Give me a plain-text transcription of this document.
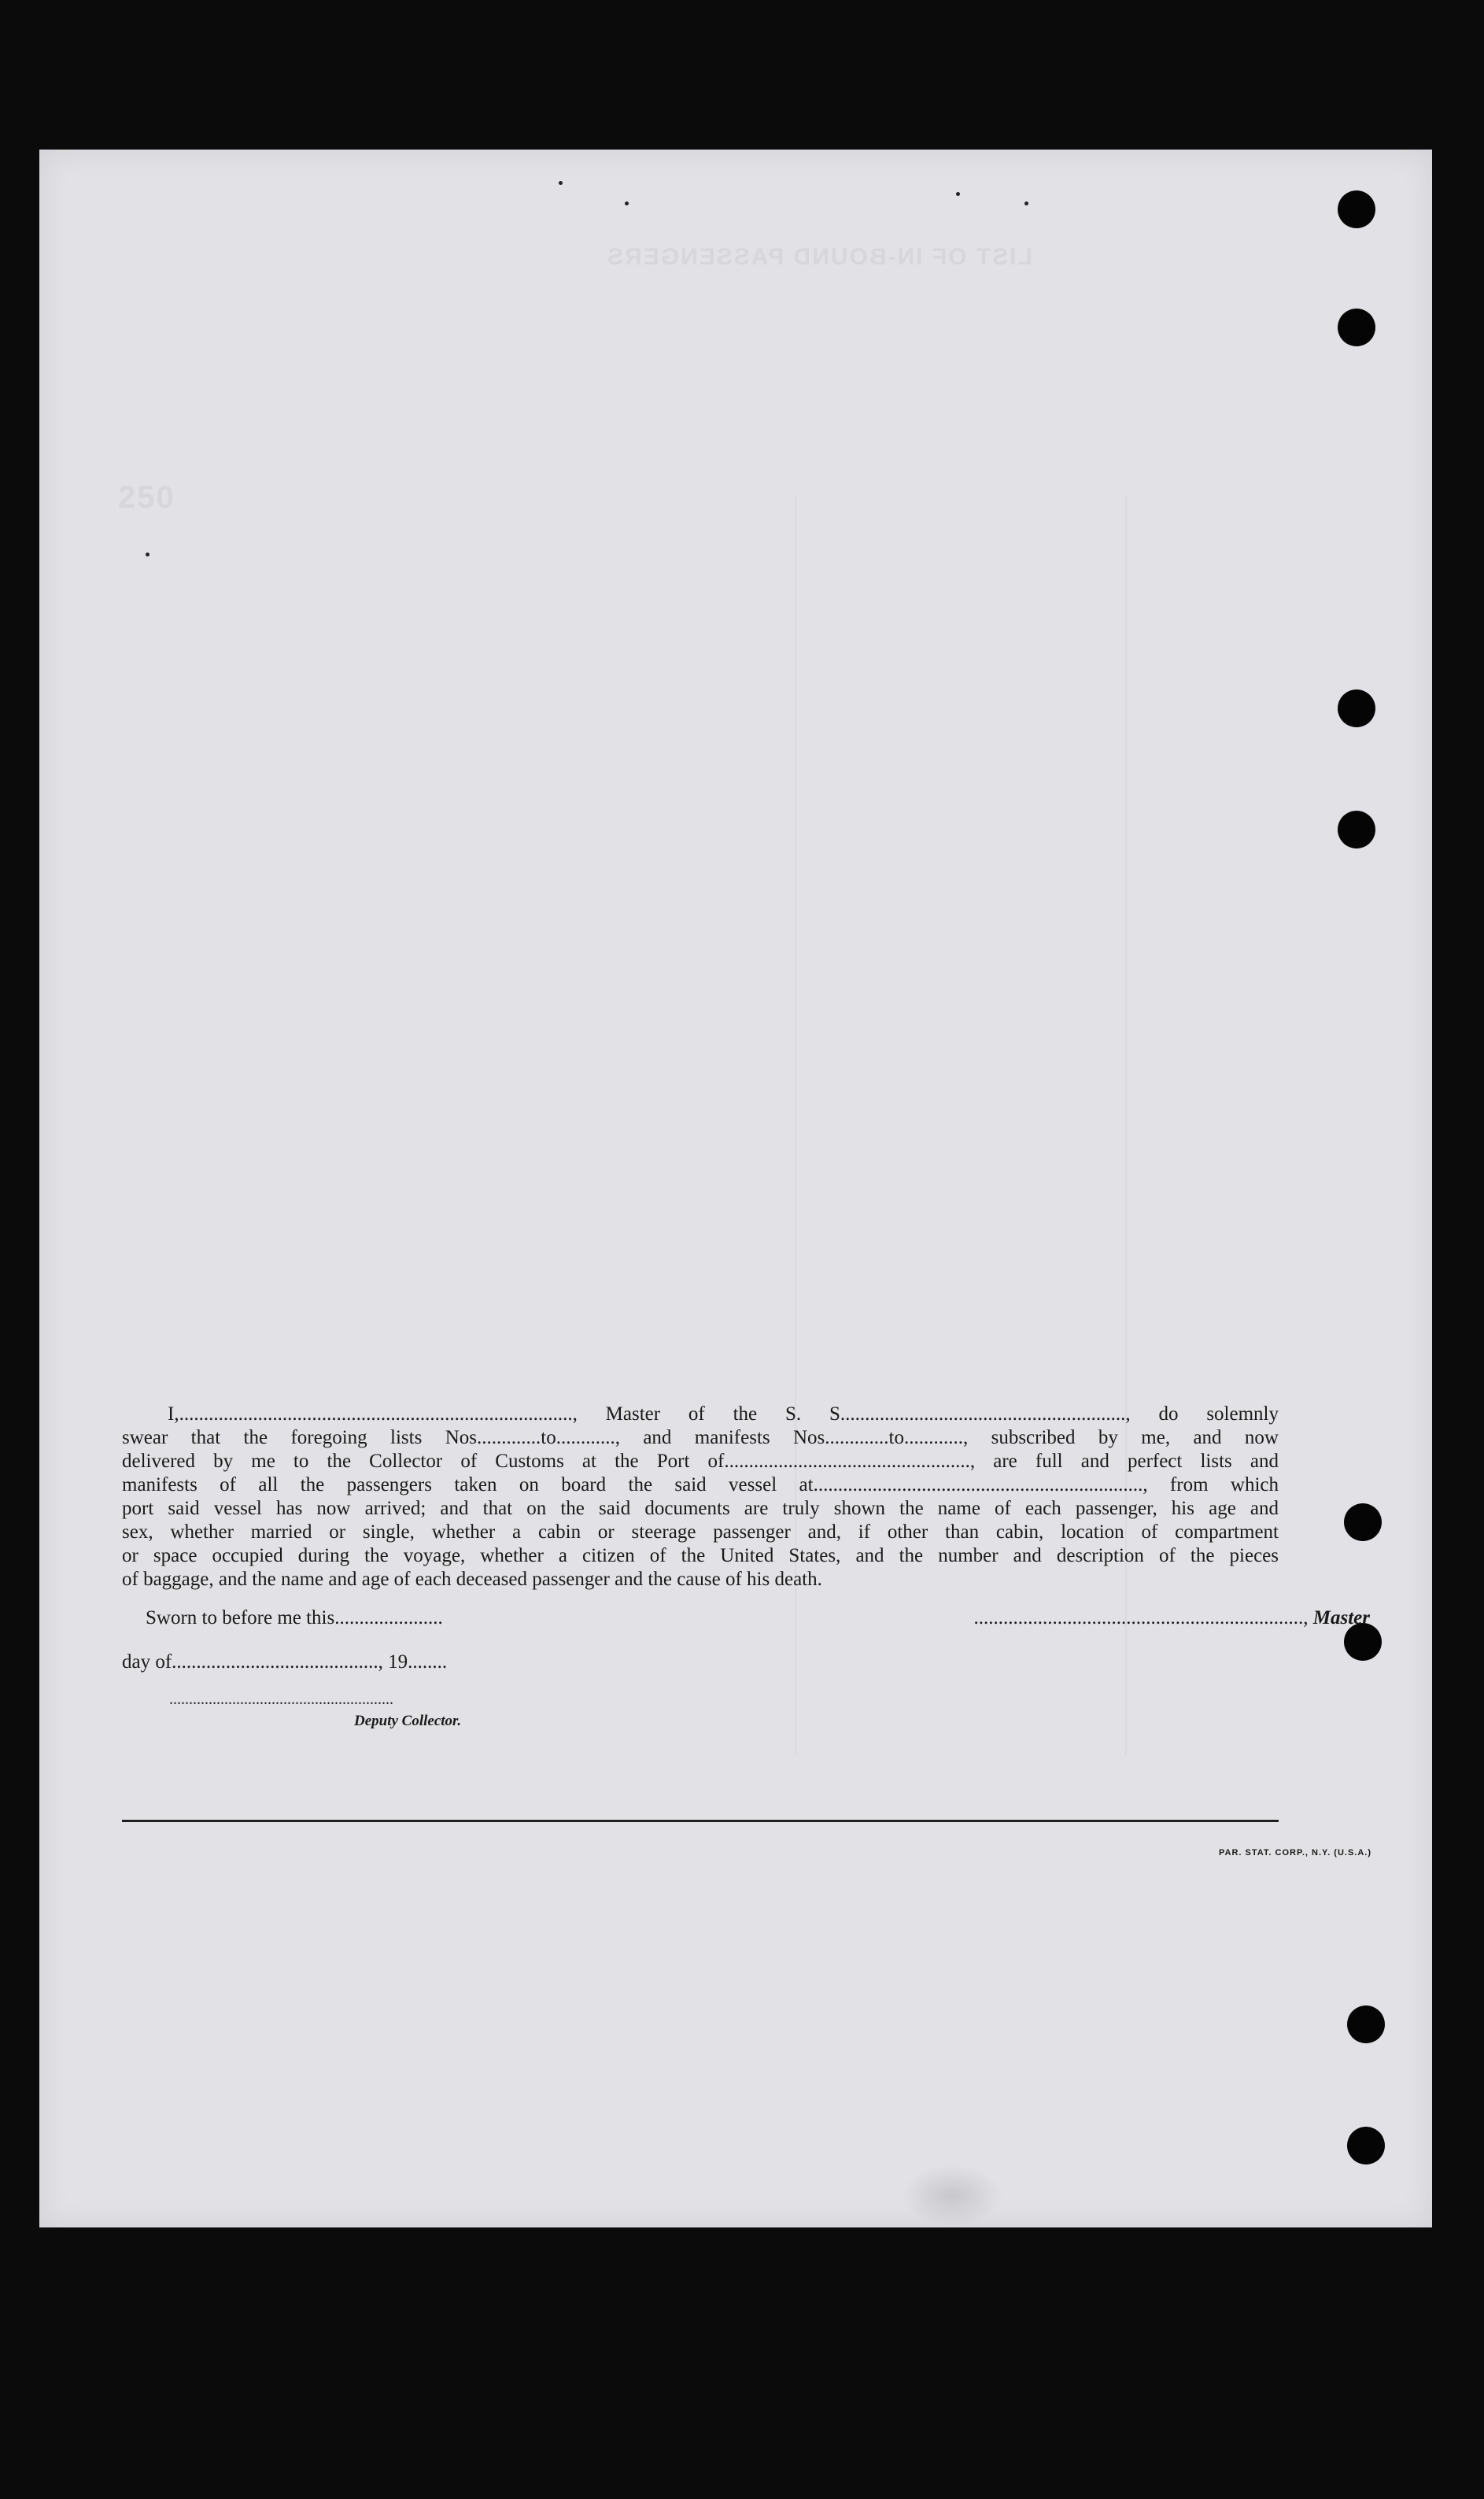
LIST OF IN-BOUND PASSENGERS
250
I,................................................................................, Master of the S. S.........................................................., do solemnly
swear that the foregoing lists Nos.............to............, and manifests Nos.............to............, subscribed by me, and now
delivered by me to the Collector of Customs at the Port of.................................................., are full and perfect lists and
manifests of all the passengers taken on board the said vessel at..................................................................., from which
port said vessel has now arrived; and that on the said documents are truly shown the name of each passenger, his age and
sex, whether married or single, whether a cabin or steerage passenger and, if other than cabin, location of compartment
or space occupied during the voyage, whether a citizen of the United States, and the number and description of the pieces
of baggage, and the name and age of each deceased passenger and the cause of his death.
Sworn to before me this......................	..................................................................., Master
day of.........................................., 19........
.........................................................
Deputy Collector.
PAR. STAT. CORP., N.Y. (U.S.A.)
